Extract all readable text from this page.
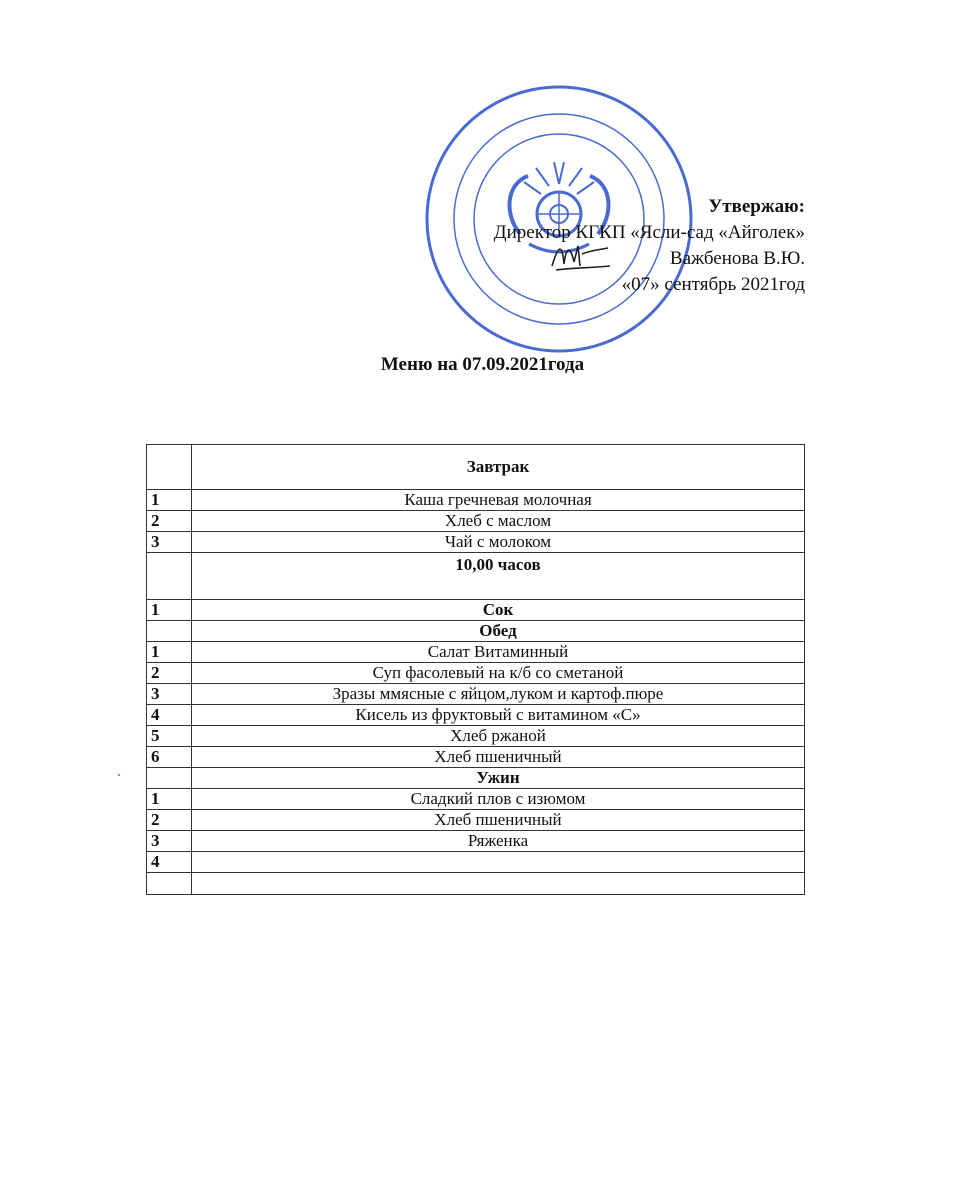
Утвержаю:
Директор КГКП «Ясли-сад «Айголек»
Важбенова В.Ю.
«07» сентябрь 2021год
Меню на 07.09.2021года
	Завтрак
1	Каша гречневая молочная
2	Хлеб с маслом
3	Чай с молоком
	10,00 часов
1	Сок
	Обед
1	Салат Витаминный
2	Суп фасолевый на к/б со сметаной
3	Зразы ммясные с яйцом,луком и картоф.пюре
4	Кисель из фруктовый с витамином «С»
5	Хлеб ржаной
6	Хлеб пшеничный
	Ужин
1	Сладкий плов с изюмом
2	Хлеб пшеничный
3	Ряженка
4	
